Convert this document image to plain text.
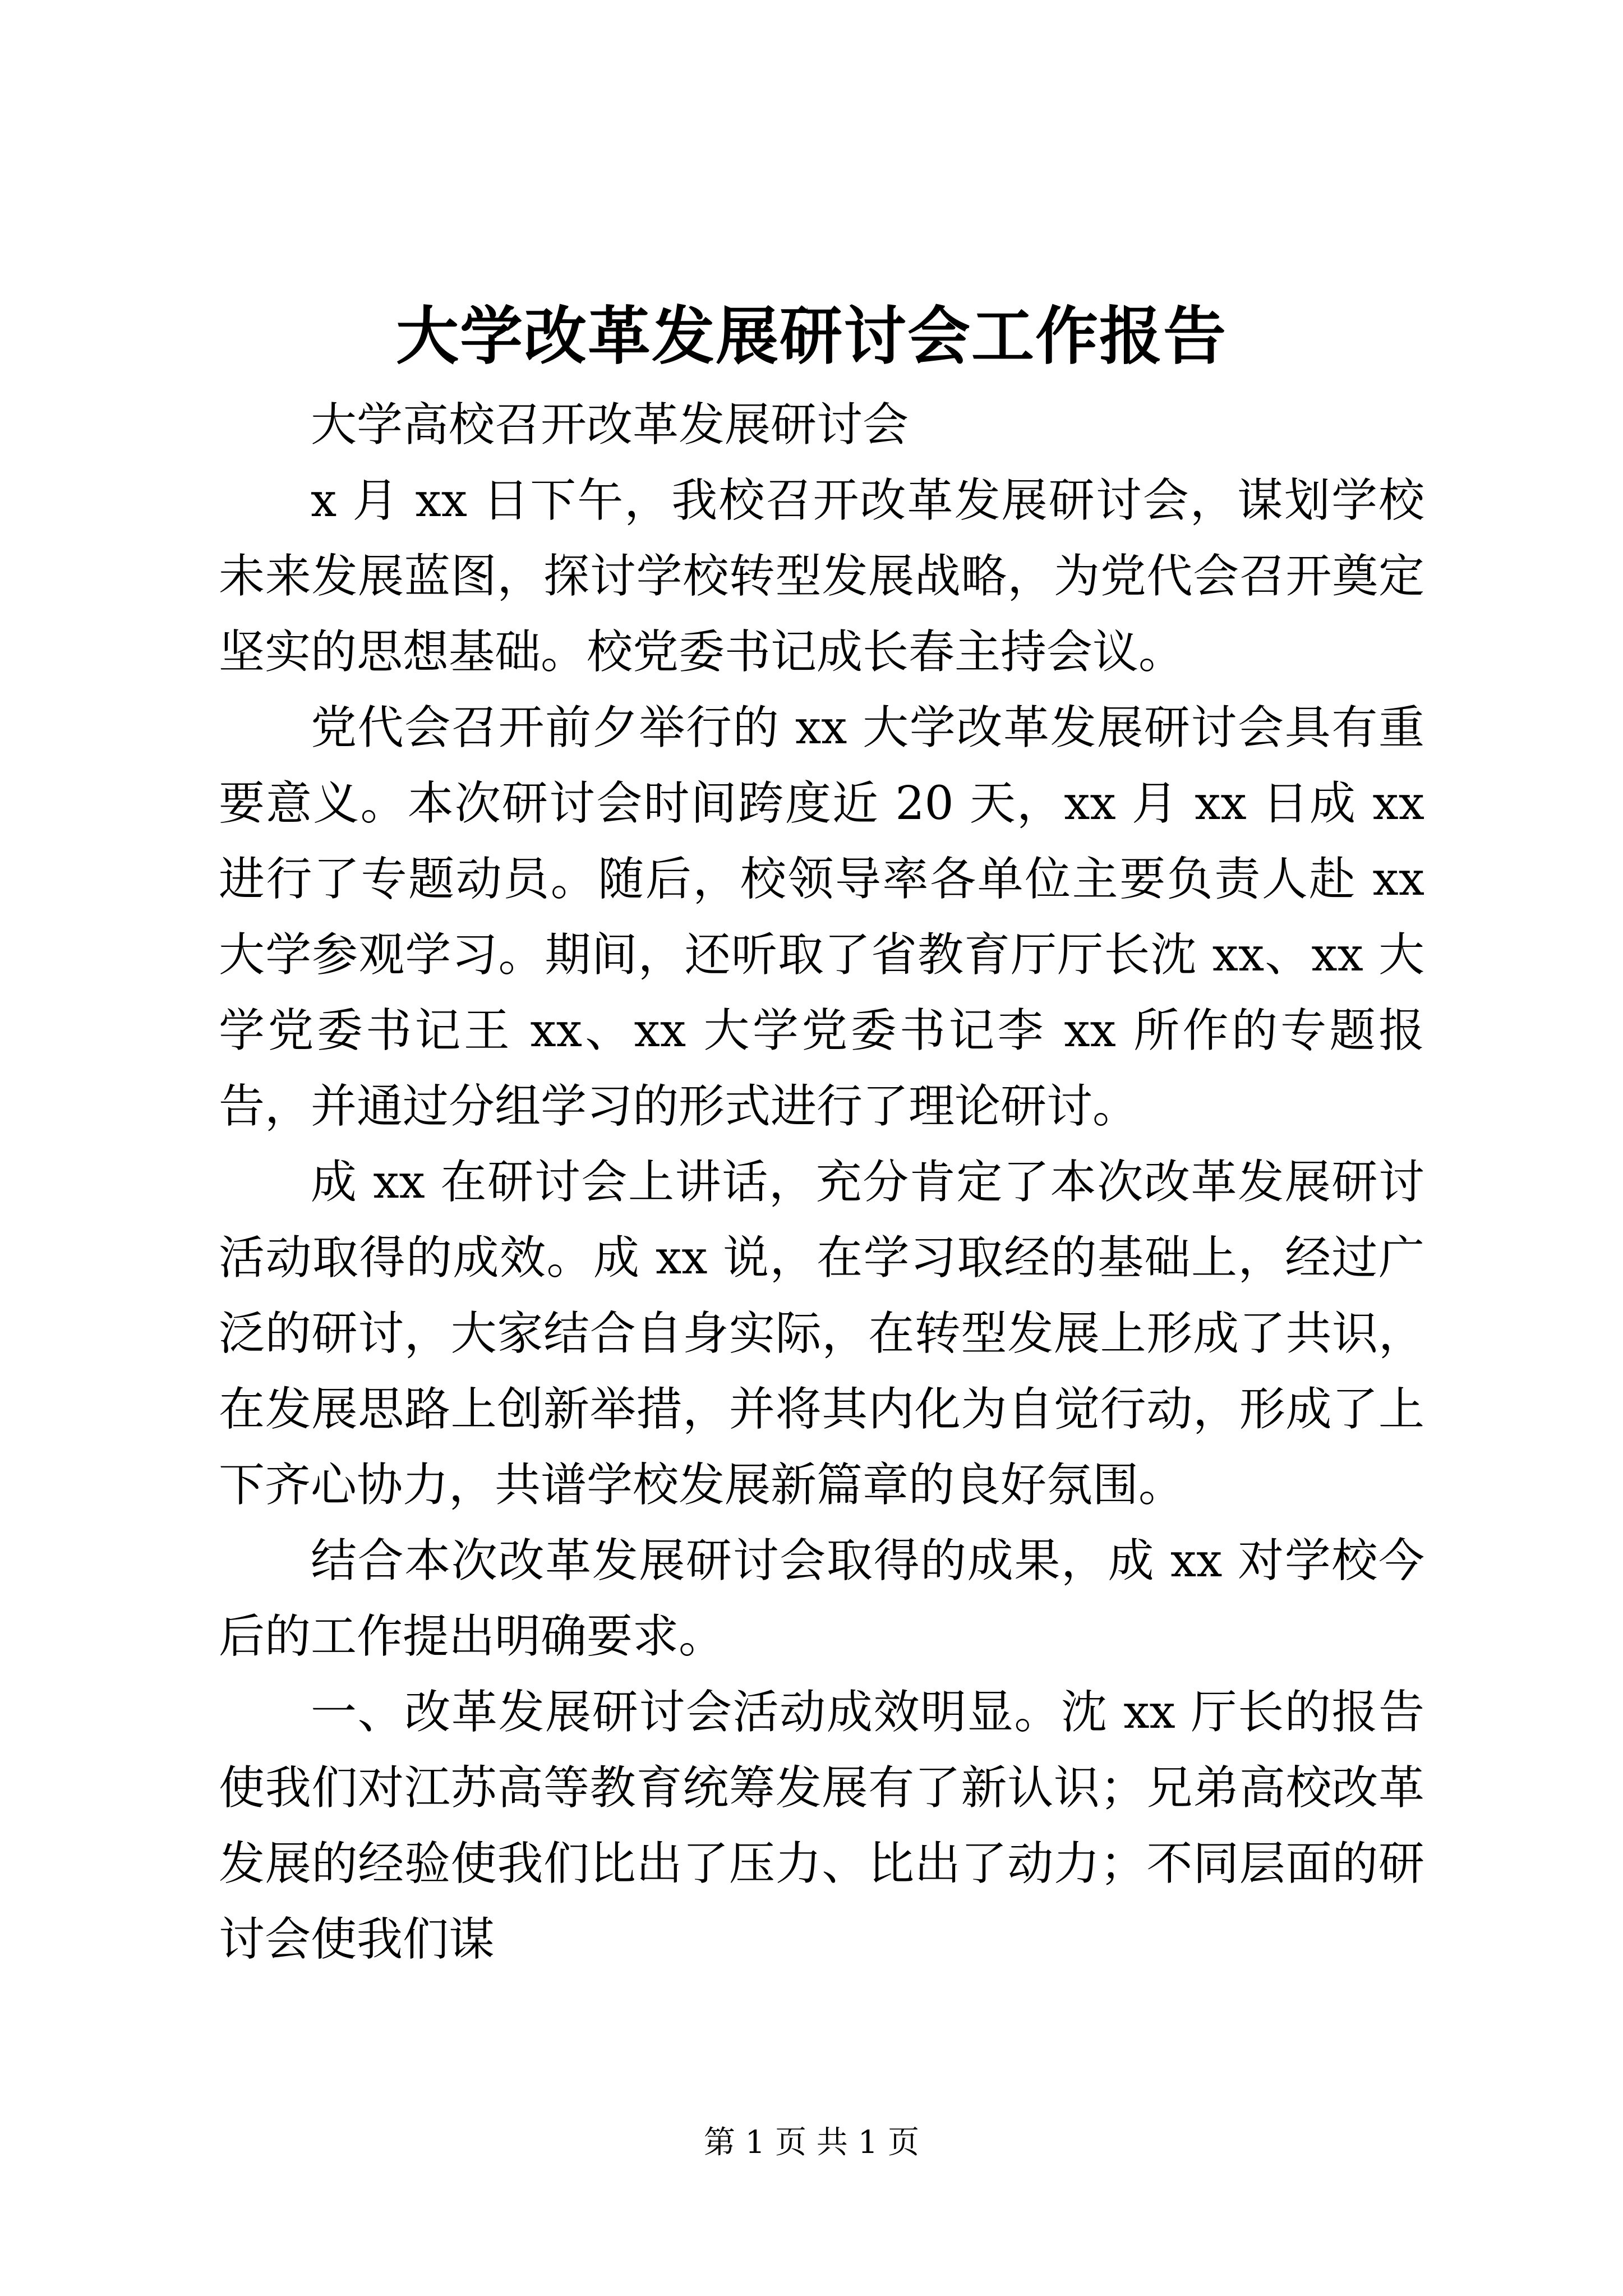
大学改革发展研讨会工作报告

大学高校召开改革发展研讨会

x 月 xx 日下午，我校召开改革发展研讨会，谋划学校未来发展蓝图，探讨学校转型发展战略，为党代会召开奠定坚实的思想基础。校党委书记成长春主持会议。

党代会召开前夕举行的 xx 大学改革发展研讨会具有重要意义。本次研讨会时间跨度近 20 天，xx 月 xx 日成 xx 进行了专题动员。随后，校领导率各单位主要负责人赴 xx 大学参观学习。期间，还听取了省教育厅厅长沈 xx、xx 大学党委书记王 xx、xx 大学党委书记李 xx 所作的专题报告，并通过分组学习的形式进行了理论研讨。

成 xx 在研讨会上讲话，充分肯定了本次改革发展研讨活动取得的成效。成 xx 说，在学习取经的基础上，经过广泛的研讨，大家结合自身实际，在转型发展上形成了共识，在发展思路上创新举措，并将其内化为自觉行动，形成了上下齐心协力，共谱学校发展新篇章的良好氛围。

结合本次改革发展研讨会取得的成果，成 xx 对学校今后的工作提出明确要求。

一、改革发展研讨会活动成效明显。沈 xx 厅长的报告使我们对江苏高等教育统筹发展有了新认识；兄弟高校改革发展的经验使我们比出了压力、比出了动力；不同层面的研讨会使我们谋

第 1 页 共 1 页
